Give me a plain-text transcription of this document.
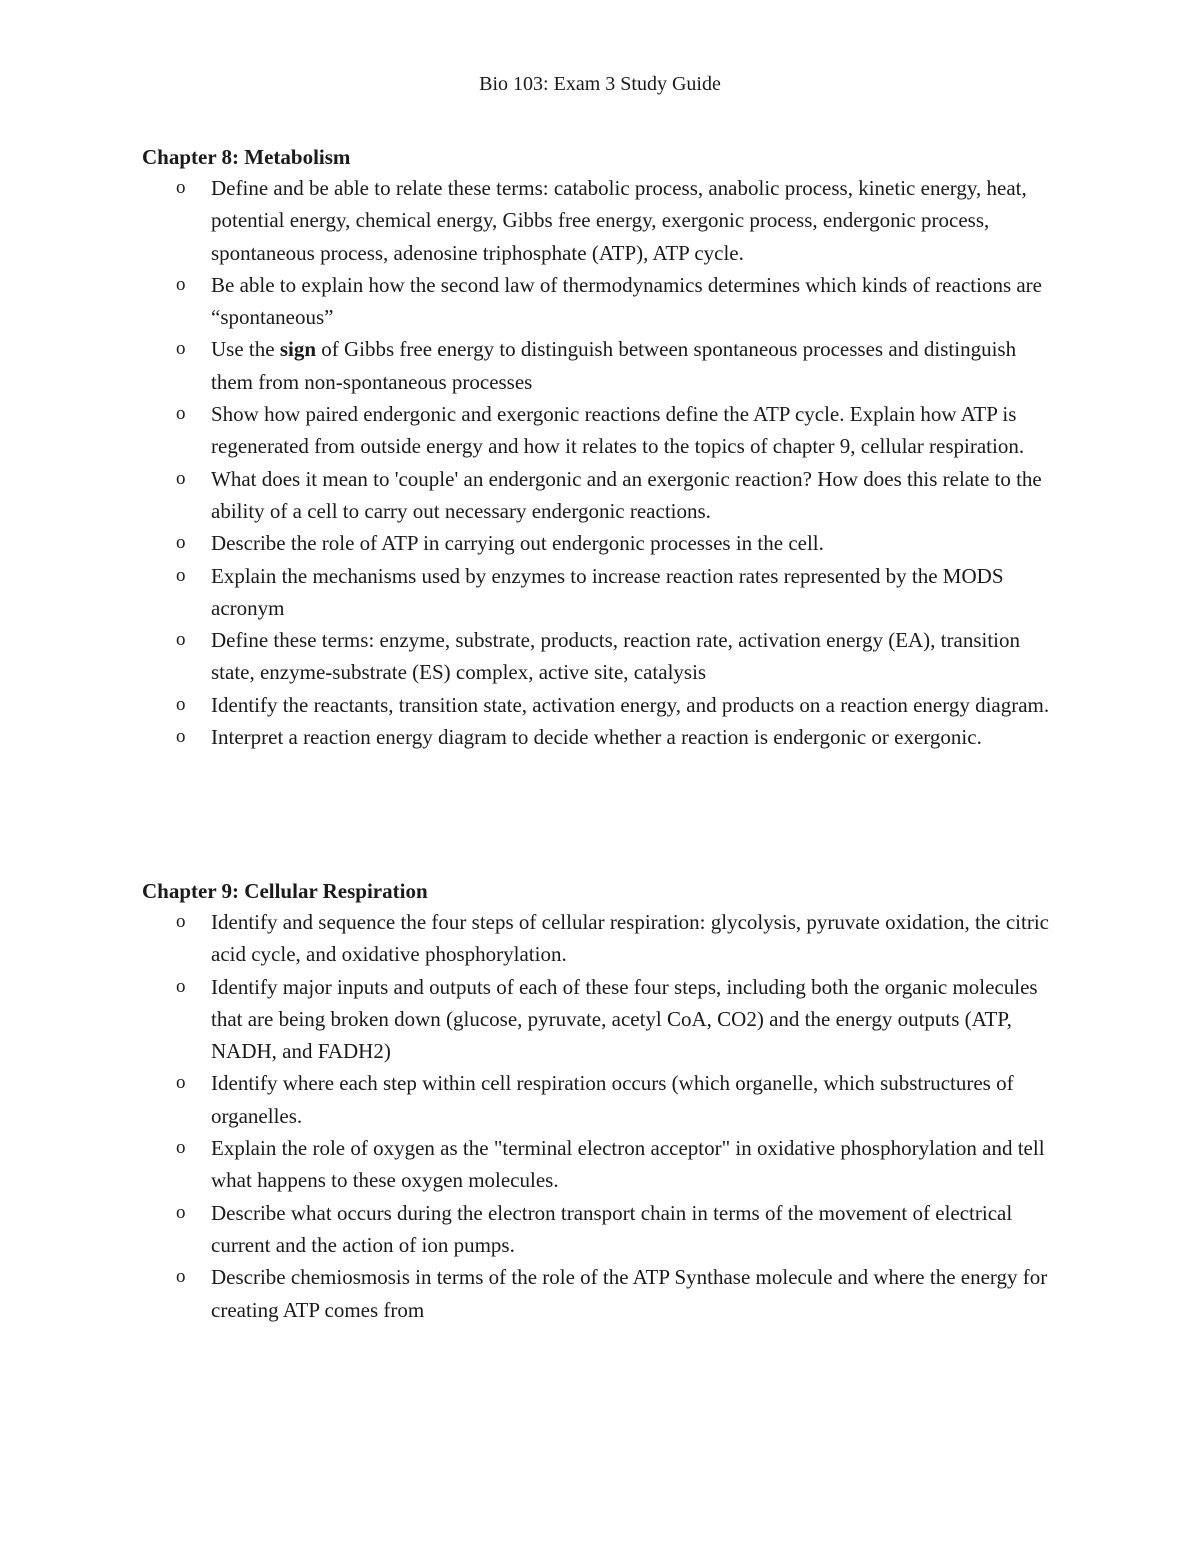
Bio 103: Exam 3 Study Guide
Chapter 8: Metabolism
o Define and be able to relate these terms: catabolic process, anabolic process, kinetic energy, heat, potential energy, chemical energy, Gibbs free energy, exergonic process, endergonic process, spontaneous process, adenosine triphosphate (ATP), ATP cycle.
o Be able to explain how the second law of thermodynamics determines which kinds of reactions are “spontaneous”
o Use the sign of Gibbs free energy to distinguish between spontaneous processes and distinguish them from non-spontaneous processes
o Show how paired endergonic and exergonic reactions define the ATP cycle. Explain how ATP is regenerated from outside energy and how it relates to the topics of chapter 9, cellular respiration.
o What does it mean to 'couple' an endergonic and an exergonic reaction? How does this relate to the ability of a cell to carry out necessary endergonic reactions.
o Describe the role of ATP in carrying out endergonic processes in the cell.
o Explain the mechanisms used by enzymes to increase reaction rates represented by the MODS acronym
o Define these terms: enzyme, substrate, products, reaction rate, activation energy (EA), transition state, enzyme-substrate (ES) complex, active site, catalysis
o Identify the reactants, transition state, activation energy, and products on a reaction energy diagram.
o Interpret a reaction energy diagram to decide whether a reaction is endergonic or exergonic.
Chapter 9: Cellular Respiration
o Identify and sequence the four steps of cellular respiration: glycolysis, pyruvate oxidation, the citric acid cycle, and oxidative phosphorylation.
o Identify major inputs and outputs of each of these four steps, including both the organic molecules that are being broken down (glucose, pyruvate, acetyl CoA, CO2) and the energy outputs (ATP, NADH, and FADH2)
o Identify where each step within cell respiration occurs (which organelle, which substructures of organelles.
o Explain the role of oxygen as the "terminal electron acceptor" in oxidative phosphorylation and tell what happens to these oxygen molecules.
o Describe what occurs during the electron transport chain in terms of the movement of electrical current and the action of ion pumps.
o Describe chemiosmosis in terms of the role of the ATP Synthase molecule and where the energy for creating ATP comes from
